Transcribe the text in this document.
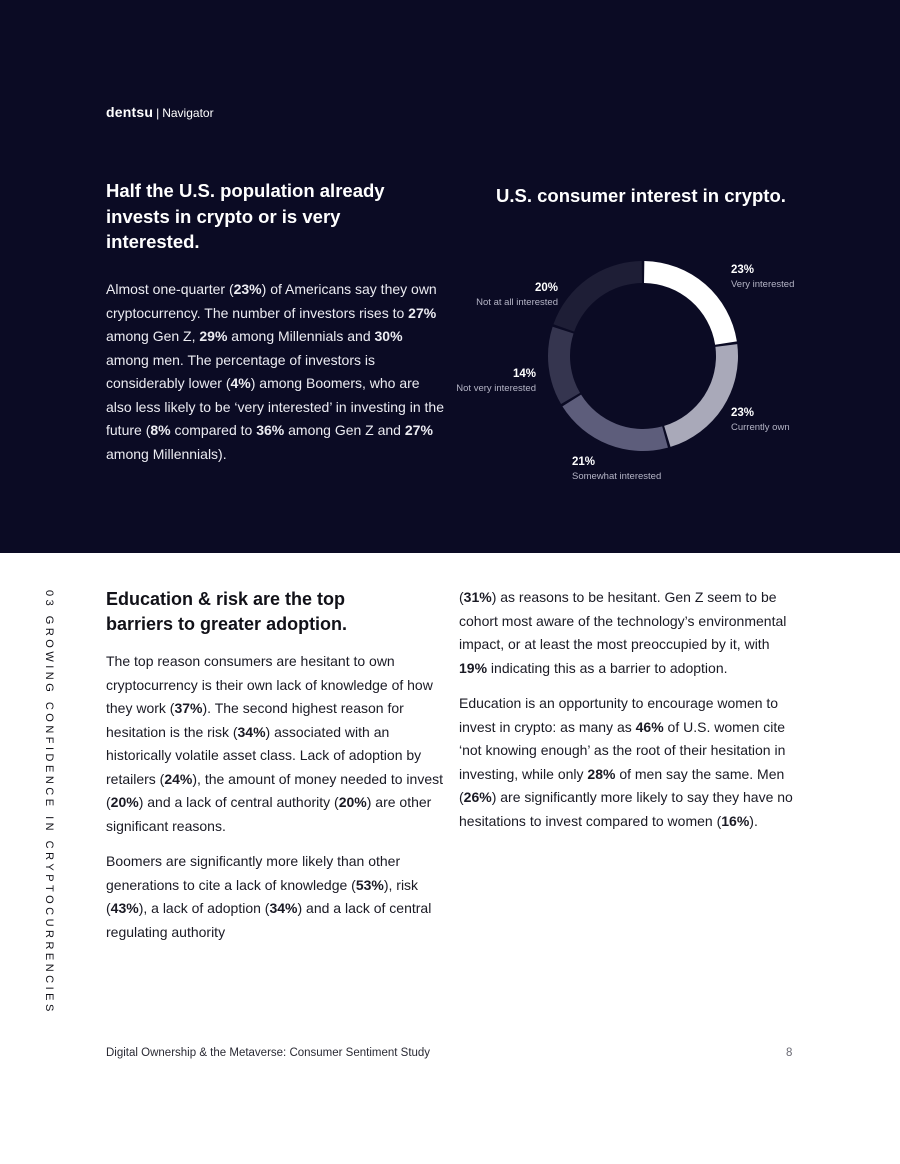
dentsu | Navigator
Half the U.S. population already invests in crypto or is very interested.
Almost one-quarter (23%) of Americans say they own cryptocurrency. The number of investors rises to 27% among Gen Z, 29% among Millennials and 30% among men. The percentage of investors is considerably lower (4%) among Boomers, who are also less likely to be ‘very interested’ in investing in the future (8% compared to 36% among Gen Z and 27% among Millennials).
U.S. consumer interest in crypto.
23%
Very interested
23%
Currently own
21%
Somewhat interested
14%
Not very interested
20%
Not at all interested
03 GROWING CONFIDENCE IN CRYPTOCURRENCIES	Education & risk are the top barriers to greater adoption.

The top reason consumers are hesitant to own cryptocurrency is their own lack of knowledge of how they work (37%). The second highest reason for hesitation is the risk (34%) associated with an historically volatile asset class. Lack of adoption by retailers (24%), the amount of money needed to invest (20%) and a lack of central authority (20%) are other significant reasons.

Boomers are significantly more likely than other generations to cite a lack of knowledge (53%), risk (43%), a lack of adoption (34%) and a lack of central regulating authority

(31%) as reasons to be hesitant. Gen Z seem to be cohort most aware of the technology’s environmental impact, or at least the most preoccupied by it, with 19% indicating this as a barrier to adoption.

Education is an opportunity to encourage women to invest in crypto: as many as 46% of U.S. women cite ‘not knowing enough’ as the root of their hesitation in investing, while only 28% of men say the same. Men (26%) are significantly more likely to say they have no hesitations to invest compared to women (16%).

Digital Ownership & the Metaverse: Consumer Sentiment Study	8
